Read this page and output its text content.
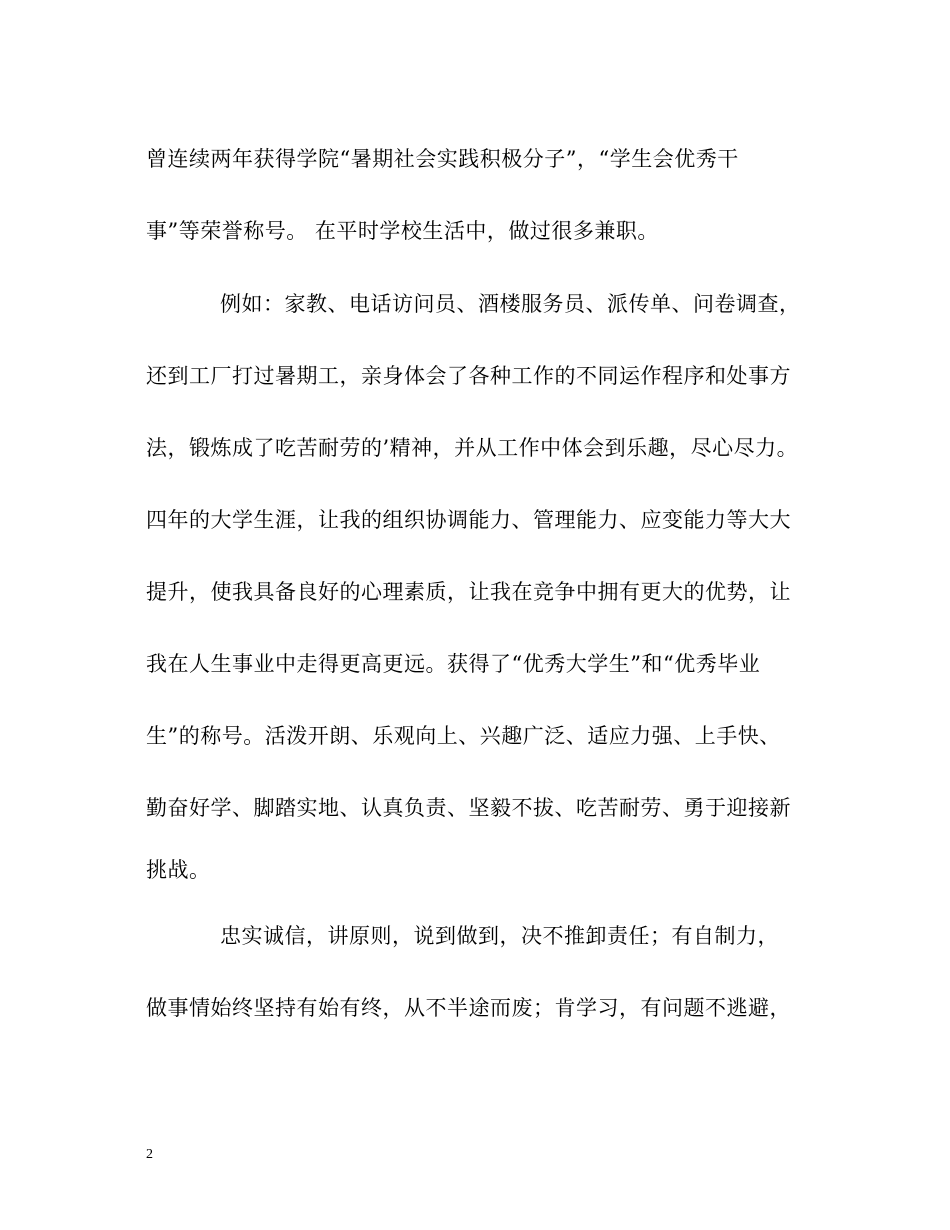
曾连续两年获得学院“暑期社会实践积极分子”，“学生会优秀干
事”等荣誉称号。 在平时学校生活中，做过很多兼职。
例如：家教、电话访问员、酒楼服务员、派传单、问卷调查，
还到工厂打过暑期工，亲身体会了各种工作的不同运作程序和处事方
法，锻炼成了吃苦耐劳的’精神，并从工作中体会到乐趣，尽心尽力。
四年的大学生涯，让我的组织协调能力、管理能力、应变能力等大大
提升，使我具备良好的心理素质，让我在竞争中拥有更大的优势，让
我在人生事业中走得更高更远。获得了“优秀大学生”和“优秀毕业
生”的称号。活泼开朗、乐观向上、兴趣广泛、适应力强、上手快、
勤奋好学、脚踏实地、认真负责、坚毅不拔、吃苦耐劳、勇于迎接新
挑战。
忠实诚信，讲原则，说到做到，决不推卸责任；有自制力，
做事情始终坚持有始有终，从不半途而废；肯学习，有问题不逃避，
2
